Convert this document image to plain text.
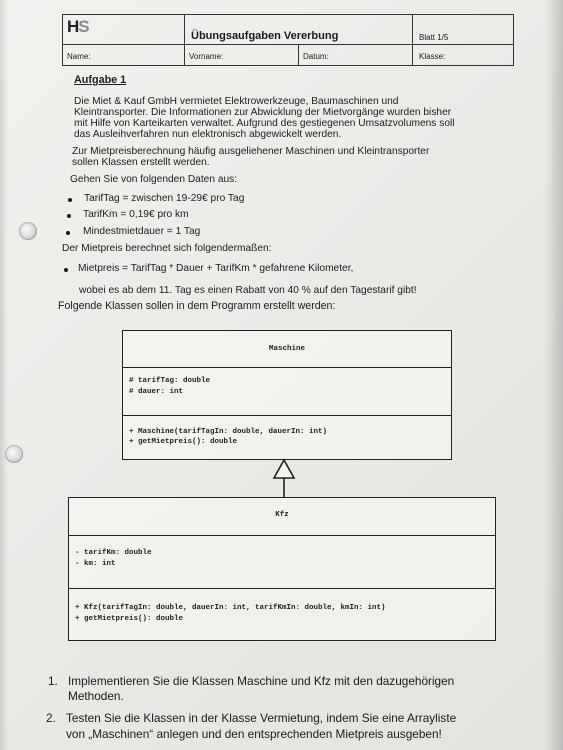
HS	Übungsaufgaben Vererbung	Blatt 1/5
Name:	Vorname:	Datum:	Klasse:
Aufgabe 1
Die Miet & Kauf GmbH vermietet Elektrowerkzeuge, Baumaschinen und
Kleintransporter. Die Informationen zur Abwicklung der Mietvorgänge wurden bisher
mit Hilfe von Karteikarten verwaltet. Aufgrund des gestiegenen Umsatzvolumens soll
das Ausleihverfahren nun elektronisch abgewickelt werden.
Zur Mietpreisberechnung häufig ausgeliehener Maschinen und Kleintransporter
sollen Klassen erstellt werden.
Gehen Sie von folgenden Daten aus:
TarifTag = zwischen 19-29€ pro Tag
TarifKm = 0,19€ pro km
Mindestmietdauer = 1 Tag
Der Mietpreis berechnet sich folgendermaßen:
Mietpreis = TarifTag * Dauer + TarifKm * gefahrene Kilometer,
wobei es ab dem 11. Tag es einen Rabatt von 40 % auf den Tagestarif gibt!
Folgende Klassen sollen in dem Programm erstellt werden:
Maschine
# tarifTag: double
# dauer: int
+ Maschine(tarifTagIn: double, dauerIn: int)
+ getMietpreis(): double
Kfz
- tarifKm: double
- km: int
+ Kfz(tarifTagIn: double, dauerIn: int, tarifKmIn: double, kmIn: int)
+ getMietpreis(): double
1. Implementieren Sie die Klassen Maschine und Kfz mit den dazugehörigen
Methoden.
2. Testen Sie die Klassen in der Klasse Vermietung, indem Sie eine Arrayliste
von „Maschinen“ anlegen und den entsprechenden Mietpreis ausgeben!
